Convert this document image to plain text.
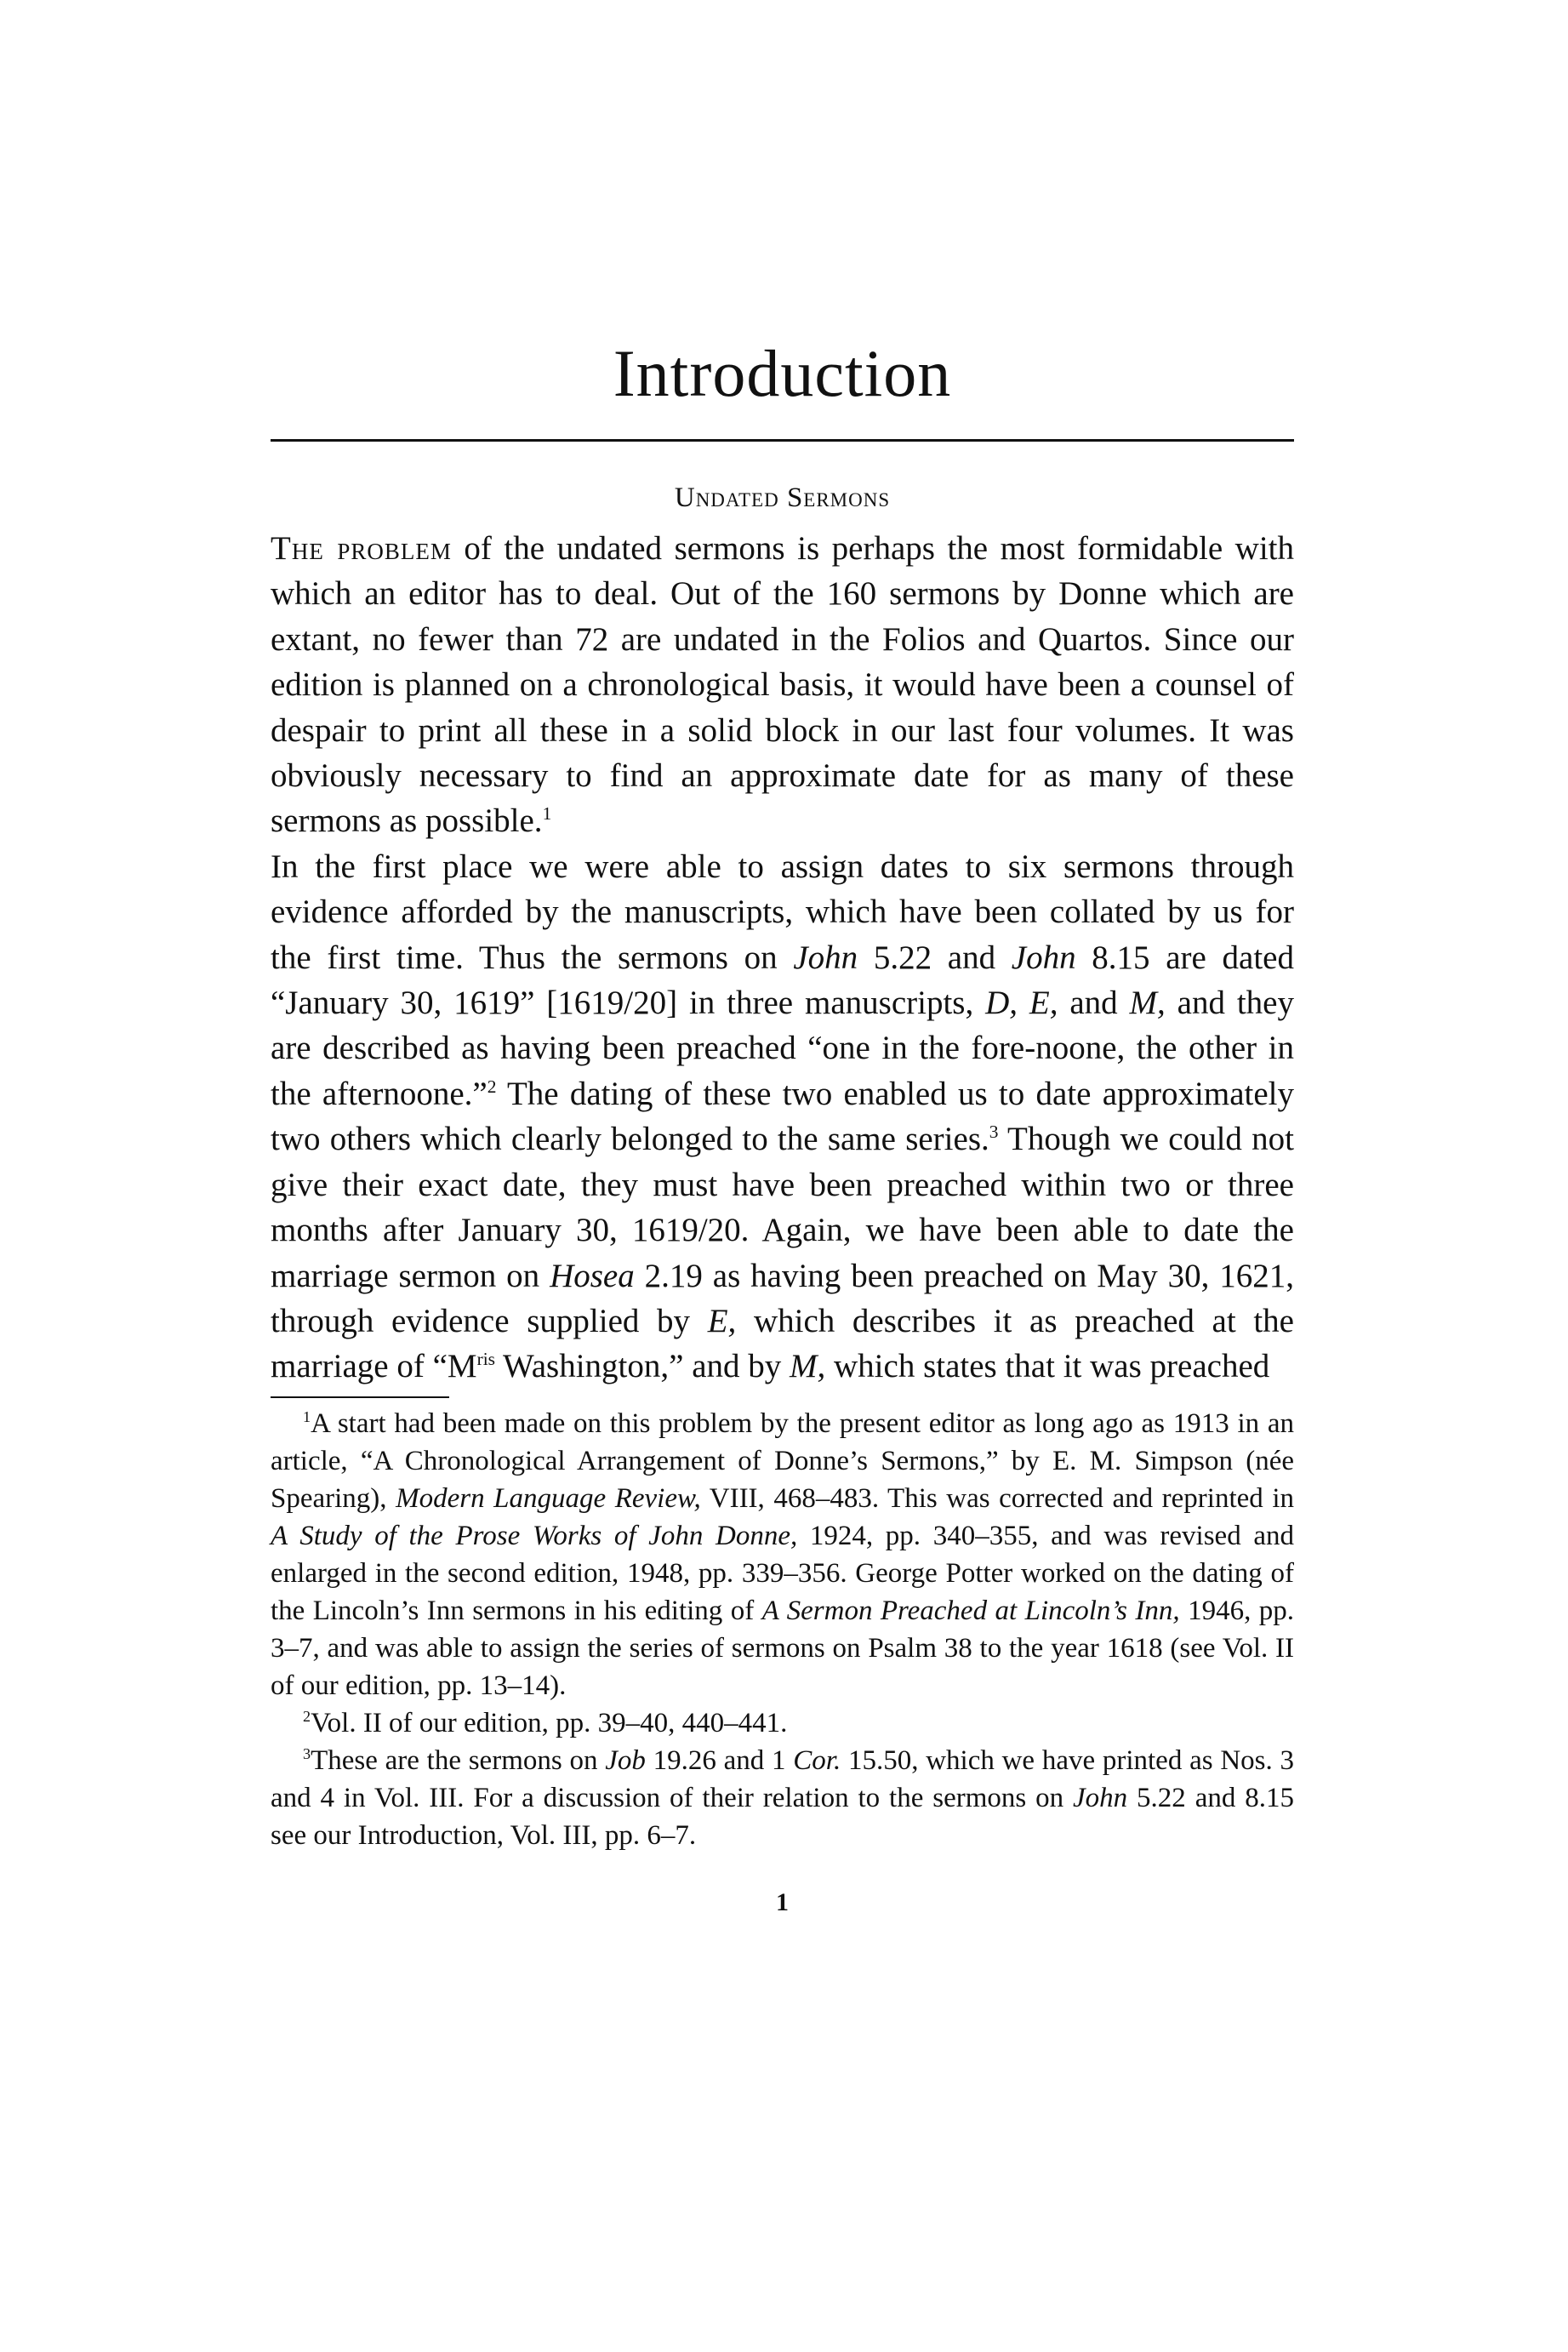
Introduction
Undated Sermons

The problem of the undated sermons is perhaps the most formidable with which an editor has to deal. Out of the 160 sermons by Donne which are extant, no fewer than 72 are undated in the Folios and Quartos. Since our edition is planned on a chronological basis, it would have been a counsel of despair to print all these in a solid block in our last four volumes. It was obviously necessary to find an approximate date for as many of these sermons as possible.$^1$

In the first place we were able to assign dates to six sermons through evidence afforded by the manuscripts, which have been collated by us for the first time. Thus the sermons on John 5.22 and John 8.15 are dated “January 30, 1619” [1619/20] in three manuscripts, D, E, and M, and they are described as having been preached “one in the fore-noone, the other in the afternoone.”$^2$ The dating of these two enabled us to date approximately two others which clearly belonged to the same series.$^3$ Though we could not give their exact date, they must have been preached within two or three months after January 30, 1619/20. Again, we have been able to date the marriage sermon on Hosea 2.19 as having been preached on May 30, 1621, through evidence supplied by E, which describes it as preached at the marriage of “$M^{ris}$ Washington,” and by M, which states that it was preached

$^1$A start had been made on this problem by the present editor as long ago as 1913 in an article, “A Chronological Arrangement of Donne’s Sermons,” by E. M. Simpson (née Spearing), Modern Language Review, VIII, 468–483. This was corrected and reprinted in A Study of the Prose Works of John Donne, 1924, pp. 340–355, and was revised and enlarged in the second edition, 1948, pp. 339–356. George Potter worked on the dating of the Lincoln’s Inn sermons in his editing of A Sermon Preached at Lincoln’s Inn, 1946, pp. 3–7, and was able to assign the series of sermons on Psalm 38 to the year 1618 (see Vol. II of our edition, pp. 13–14).

$^2$Vol. II of our edition, pp. 39–40, 440–441.

$^3$These are the sermons on Job 19.26 and 1 Cor. 15.50, which we have printed as Nos. 3 and 4 in Vol. III. For a discussion of their relation to the sermons on John 5.22 and 8.15 see our Introduction, Vol. III, pp. 6–7.

1
